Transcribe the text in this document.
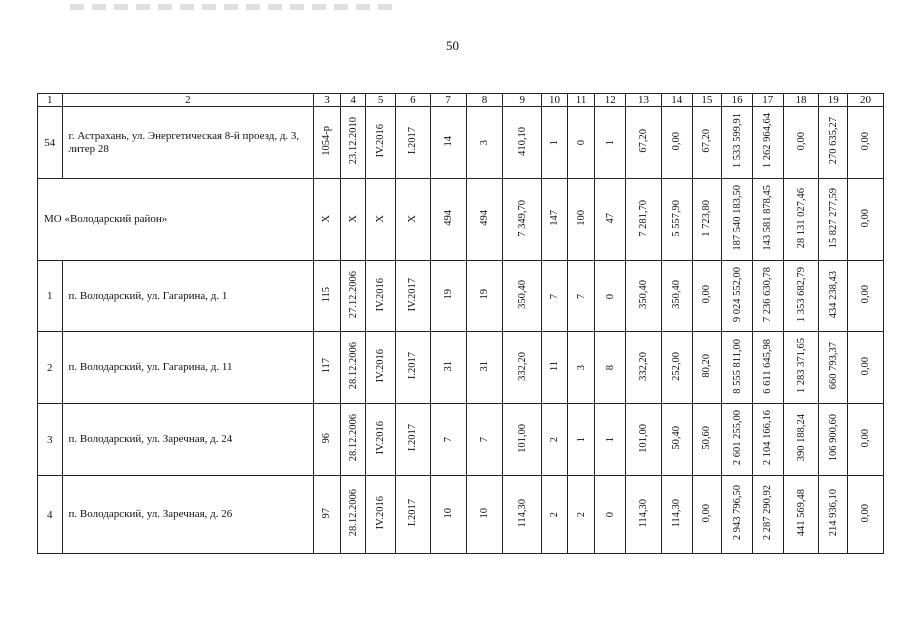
50
1	2	3	4	5	6	7	8	9	10	11	12	13	14	15	16	17	18	19	20
54	г. Астрахань, ул. Энергетическая 8-й проезд, д. 3, литер 28	1054-р	23.12.2010	IV.2016	I.2017	14	3	410,10	1	0	1	67,20	0,00	67,20	1 533 599,91	1 262 964,64	0,00	270 635,27	0,00
МО «Володарский район»		Х	Х	Х	Х	494	494	7 349,70	147	100	47	7 281,70	5 557,90	1 723,80	187 540 183,50	143 581 878,45	28 131 027,46	15 827 277,59	0,00
1	п. Володарский, ул. Гагарина, д. 1	115	27.12.2006	IV.2016	IV.2017	19	19	350,40	7	7	0	350,40	350,40	0,00	9 024 552,00	7 236 630,78	1 353 682,79	434 238,43	0,00
2	п. Володарский, ул. Гагарина, д. 11	117	28.12.2006	IV.2016	I.2017	31	31	332,20	11	3	8	332,20	252,00	80,20	8 555 811,00	6 611 645,98	1 283 371,65	660 793,37	0,00
3	п. Володарский, ул. Заречная, д. 24	96	28.12.2006	IV.2016	I.2017	7	7	101,00	2	1	1	101,00	50,40	50,60	2 601 255,00	2 104 166,16	390 188,24	106 900,60	0,00
4	п. Володарский, ул. Заречная, д. 26	97	28.12.2006	IV.2016	I.2017	10	10	114,30	2	2	0	114,30	114,30	0,00	2 943 796,50	2 287 290,92	441 569,48	214 936,10	0,00
